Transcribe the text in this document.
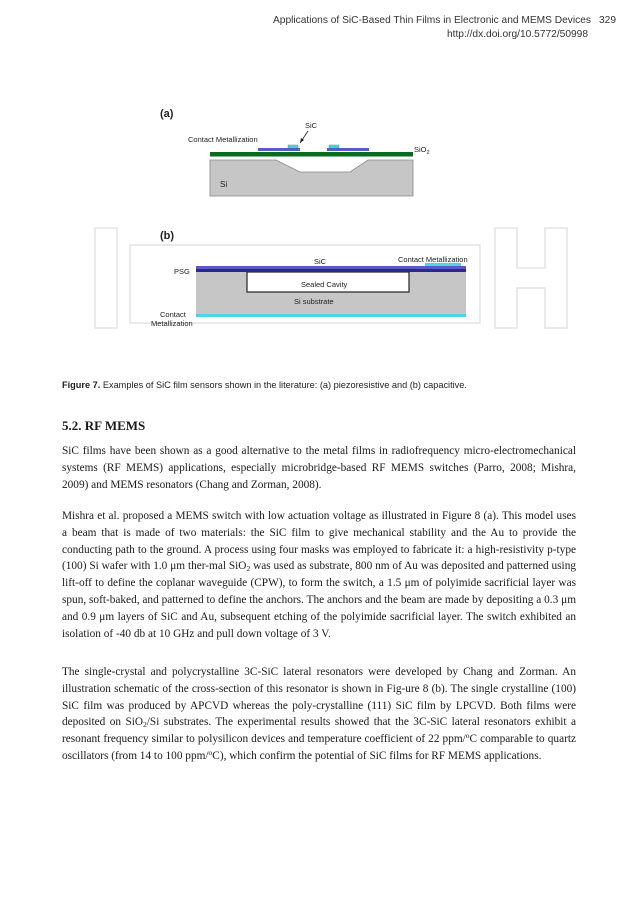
Applications of SiC-Based Thin Films in Electronic and MEMS Devices 329
http://dx.doi.org/10.5772/50998
(a)
Contact Metallization
SiC
SiO$_2$
Si
(b)
SiC	Contact Metallization
PSG
Sealed Cavity
Si substrate
Contact
Metallization
Figure 7. Examples of SiC film sensors shown in the literature: (a) piezoresistive and (b) capacitive.
5.2. RF MEMS

SiC films have been shown as a good alternative to the metal films in radiofrequency micro-electromechanical systems (RF MEMS) applications, especially microbridge-based RF MEMS switches (Parro, 2008; Mishra, 2009) and MEMS resonators (Chang and Zorman, 2008).

Mishra et al. proposed a MEMS switch with low actuation voltage as illustrated in Figure 8 (a). This model uses a beam that is made of two materials: the SiC film to give mechanical stability and the Au to provide the conducting path to the ground. A process using four masks was employed to fabricate it: a high-resistivity p-type (100) Si wafer with 1.0 μm ther-mal SiO$_2$ was used as substrate, 800 nm of Au was deposited and patterned using lift-off to define the coplanar waveguide (CPW), to form the switch, a 1.5 μm of polyimide sacrificial layer was spun, soft-baked, and patterned to define the anchors. The anchors and the beam are made by depositing a 0.3 μm and 0.9 μm layers of SiC and Au, subsequent etching of the polyimide sacrificial layer. The switch exhibited an isolation of -40 db at 10 GHz and pull down voltage of 3 V.

The single-crystal and polycrystalline 3C-SiC lateral resonators were developed by Chang and Zorman. An illustration schematic of the cross-section of this resonator is shown in Fig-ure 8 (b). The single crystalline (100) SiC film was produced by APCVD whereas the poly-crystalline (111) SiC film by LPCVD. Both films were deposited on SiO$_2$/Si substrates. The experimental results showed that the 3C-SiC lateral resonators exhibit a resonant frequency similar to polysilicon devices and temperature coefficient of 22 ppm/$^o$C comparable to quartz oscillators (from 14 to 100 ppm/$^o$C), which confirm the potential of SiC films for RF MEMS applications.
